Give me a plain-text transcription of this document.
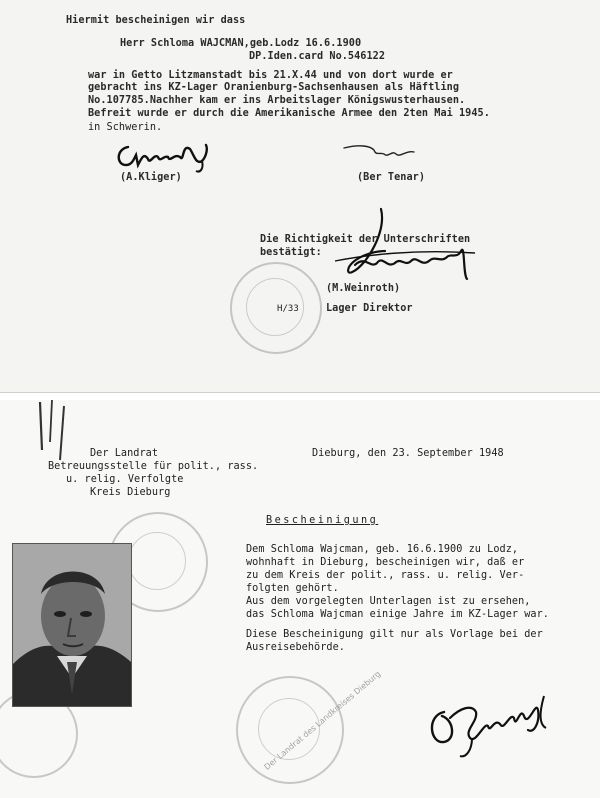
Hiermit bescheinigen wir dass
Herr Schloma WAJCMAN,geb.Lodz 16.6.1900
DP.Iden.card No.546122
war in Getto Litzmanstadt bis 21.X.44 und von dort wurde er
gebracht ins KZ-Lager Oranienburg-Sachsenhausen als Häftling
No.107785.Nachher kam er ins Arbeitslager Königswusterhausen.
Befreit wurde er durch die Amerikanische Armee den 2ten Mai 1945.
in Schwerin.
(A.Kliger)	(Ber Tenar)
Die Richtigkeit der Unterschriften
bestätigt:
(M.Weinroth)
Lager Direktor
H/33
Der Landrat
Betreuungsstelle für polit., rass.
u. relig. Verfolgte
Kreis Dieburg
Dieburg, den 23. September 1948
Bescheinigung
Dem Schloma Wajcman, geb. 16.6.1900 zu Lodz,
wohnhaft in Dieburg, bescheinigen wir, daß er
zu dem Kreis der polit., rass. u. relig. Ver-
folgten gehört.
Aus dem vorgelegten Unterlagen ist zu ersehen,
das Schloma Wajcman einige Jahre im KZ-Lager war.
Diese Bescheinigung gilt nur als Vorlage bei der
Ausreisebehörde.
Der Landrat des Landkreises Dieburg
